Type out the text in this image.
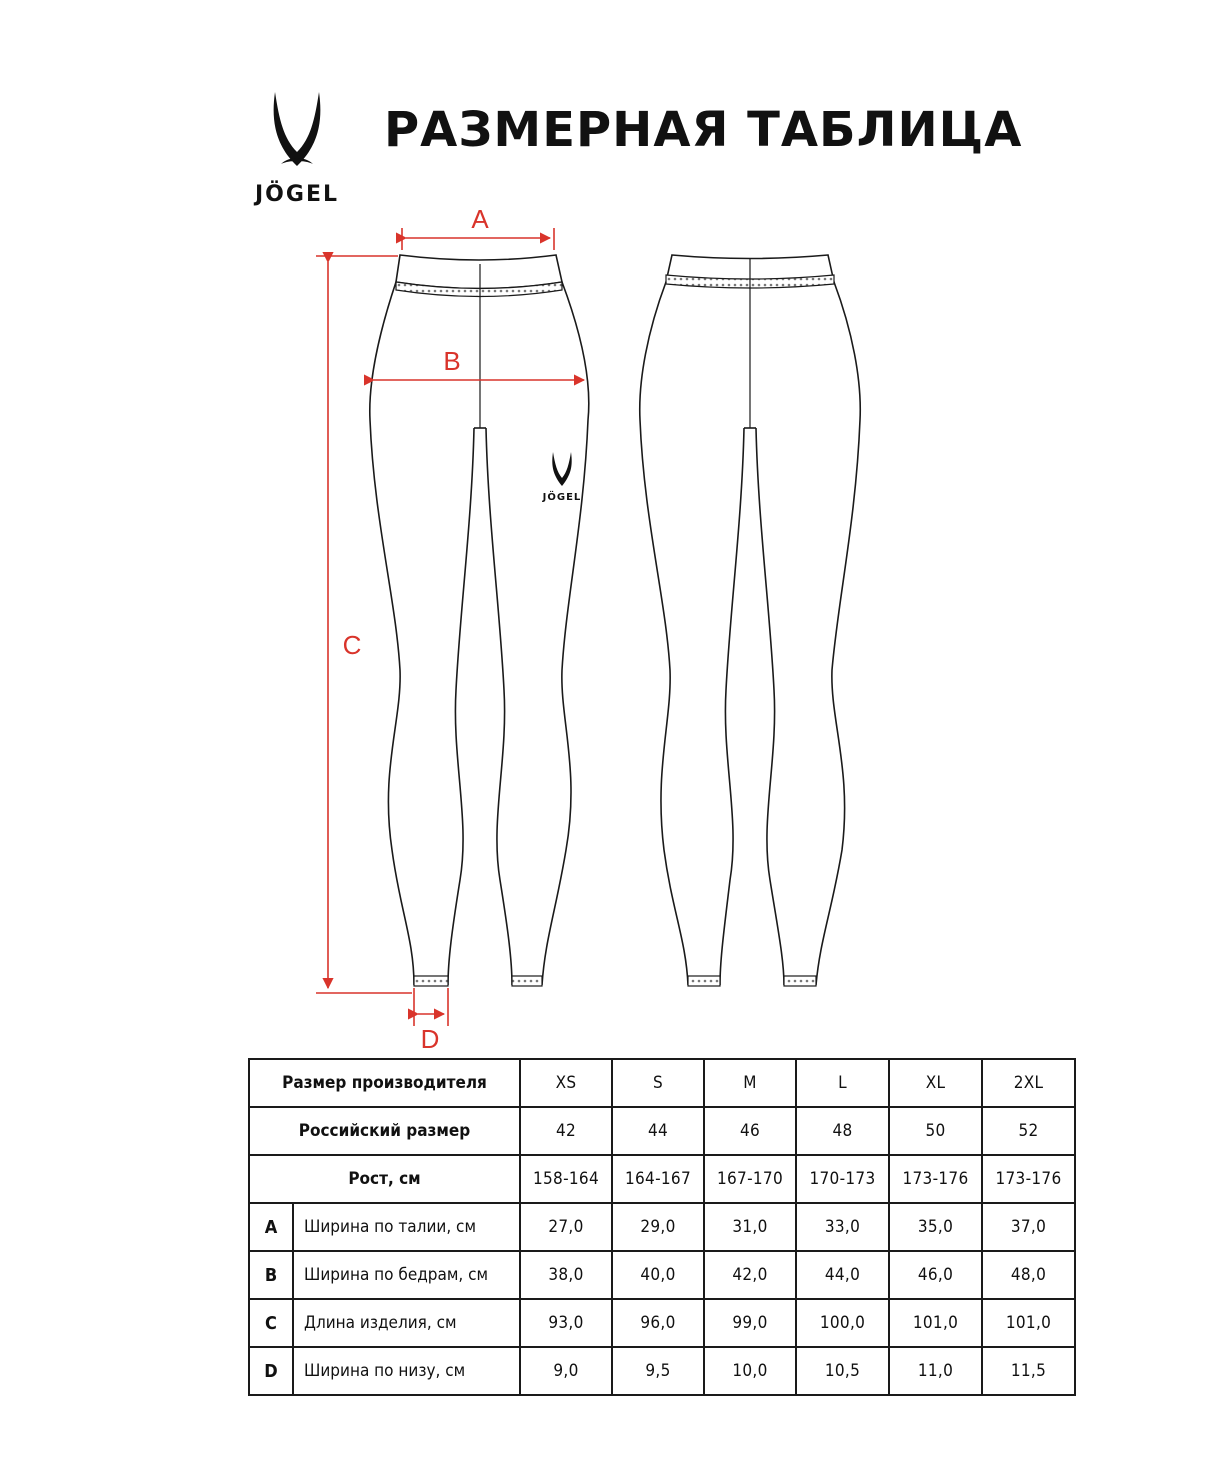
JÖGEL
РАЗМЕРНАЯ ТАБЛИЦА
JÖGEL
A
B
C
D
Размер производителя		XS	S	M	L	XL	2XL
Российский размер		42	44	46	48	50	52
Рост, см		158-164	164-167	167-170	170-173	173-176	173-176
A	Ширина по талии, см	27,0	29,0	31,0	33,0	35,0	37,0
B	Ширина по бедрам, см	38,0	40,0	42,0	44,0	46,0	48,0
C	Длина изделия, см	93,0	96,0	99,0	100,0	101,0	101,0
D	Ширина по низу, см	9,0	9,5	10,0	10,5	11,0	11,5
